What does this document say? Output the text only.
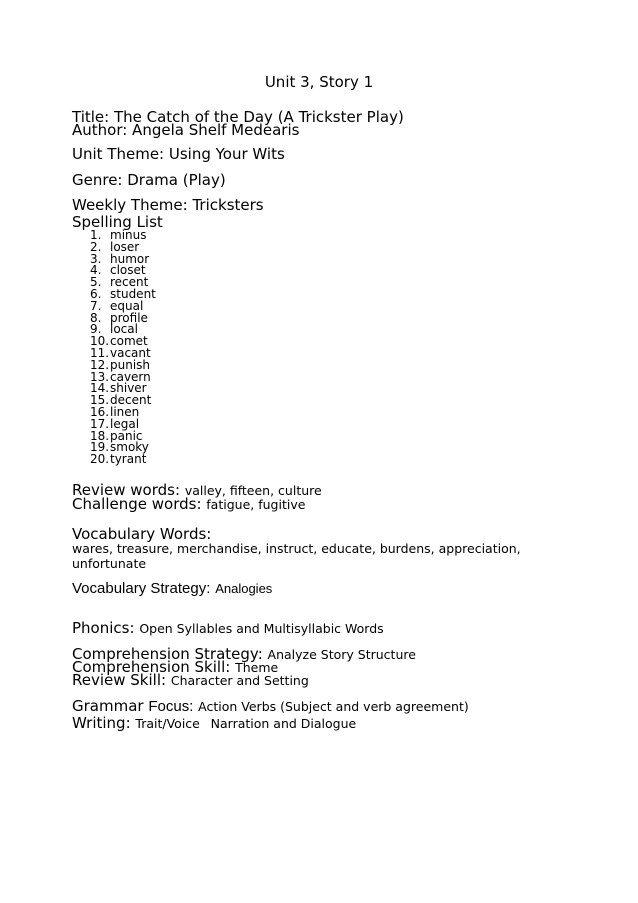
Unit 3, Story 1
Title: The Catch of the Day (A Trickster Play)
Author: Angela Shelf Medearis
Unit Theme: Using Your Wits
Genre: Drama (Play)
Weekly Theme: Tricksters
Spelling List
1. minus
2. loser
3. humor
4. closet
5. recent
6. student
7. equal
8. profile
9. local
10.comet
11.vacant
12.punish
13.cavern
14.shiver
15.decent
16.linen
17.legal
18.panic
19.smoky
20.tyrant
Review words: valley, fifteen, culture
Challenge words: fatigue, fugitive
Vocabulary Words:
wares, treasure, merchandise, instruct, educate, burdens, appreciation, unfortunate
Vocabulary Strategy: Analogies
Phonics: Open Syllables and Multisyllabic Words
Comprehension Strategy: Analyze Story Structure
Comprehension Skill: Theme
Review Skill: Character and Setting
Grammar Focus: Action Verbs (Subject and verb agreement)
Writing: Trait/Voice Narration and Dialogue
